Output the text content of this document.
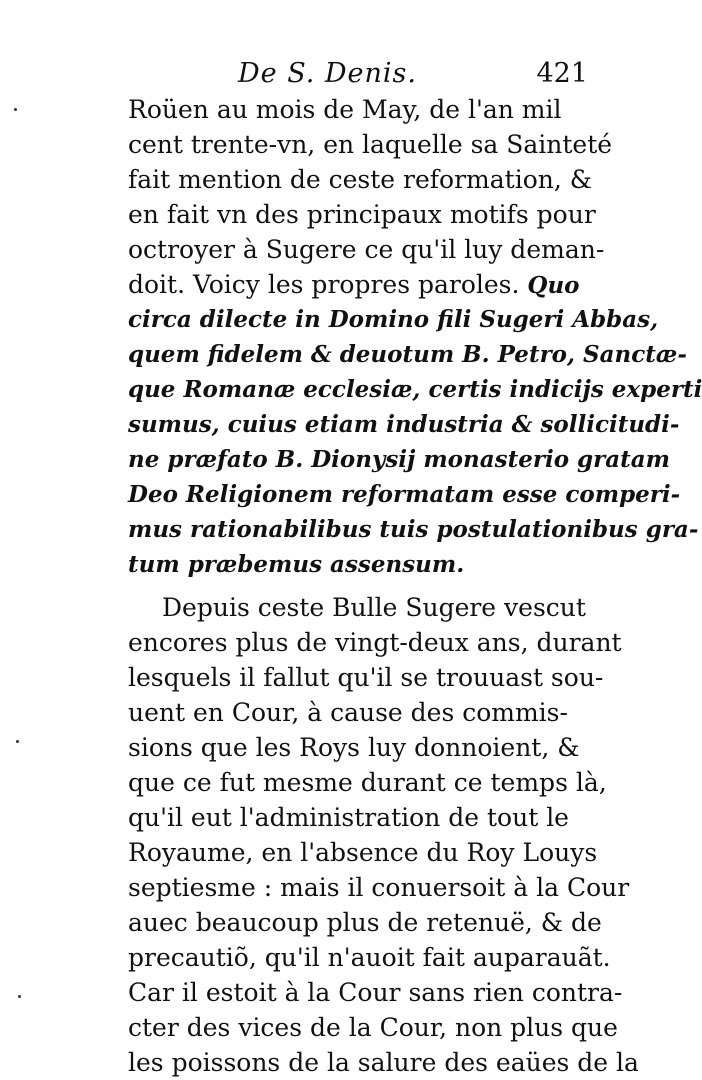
De S. Denis.	421
Roüen au mois de May, de l'an mil
cent trente-vn, en laquelle sa Sainteté
fait mention de ceste reformation, &
en fait vn des principaux motifs pour
octroyer à Sugere ce qu'il luy deman-
doit. Voicy les propres paroles. Quo
circa dilecte in Domino fili Sugeri Abbas,
quem fidelem & deuotum B. Petro, Sanctæ-
que Romanæ ecclesiæ, certis indicijs experti
sumus, cuius etiam industria & sollicitudi-
ne præfato B. Dionysij monasterio gratam
Deo Religionem reformatam esse comperi-
mus rationabilibus tuis postulationibus gra-
tum præbemus assensum.
Depuis ceste Bulle Sugere vescut
encores plus de vingt-deux ans, durant
lesquels il fallut qu'il se trouuast sou-
uent en Cour, à cause des commis-
sions que les Roys luy donnoient, &
que ce fut mesme durant ce temps là,
qu'il eut l'administration de tout le
Royaume, en l'absence du Roy Louys
septiesme : mais il conuersoit à la Cour
auec beaucoup plus de retenuë, & de
precautiõ, qu'il n'auoit fait auparauãt.
Car il estoit à la Cour sans rien contra-
cter des vices de la Cour, non plus que
les poissons de la salure des eaües de la
